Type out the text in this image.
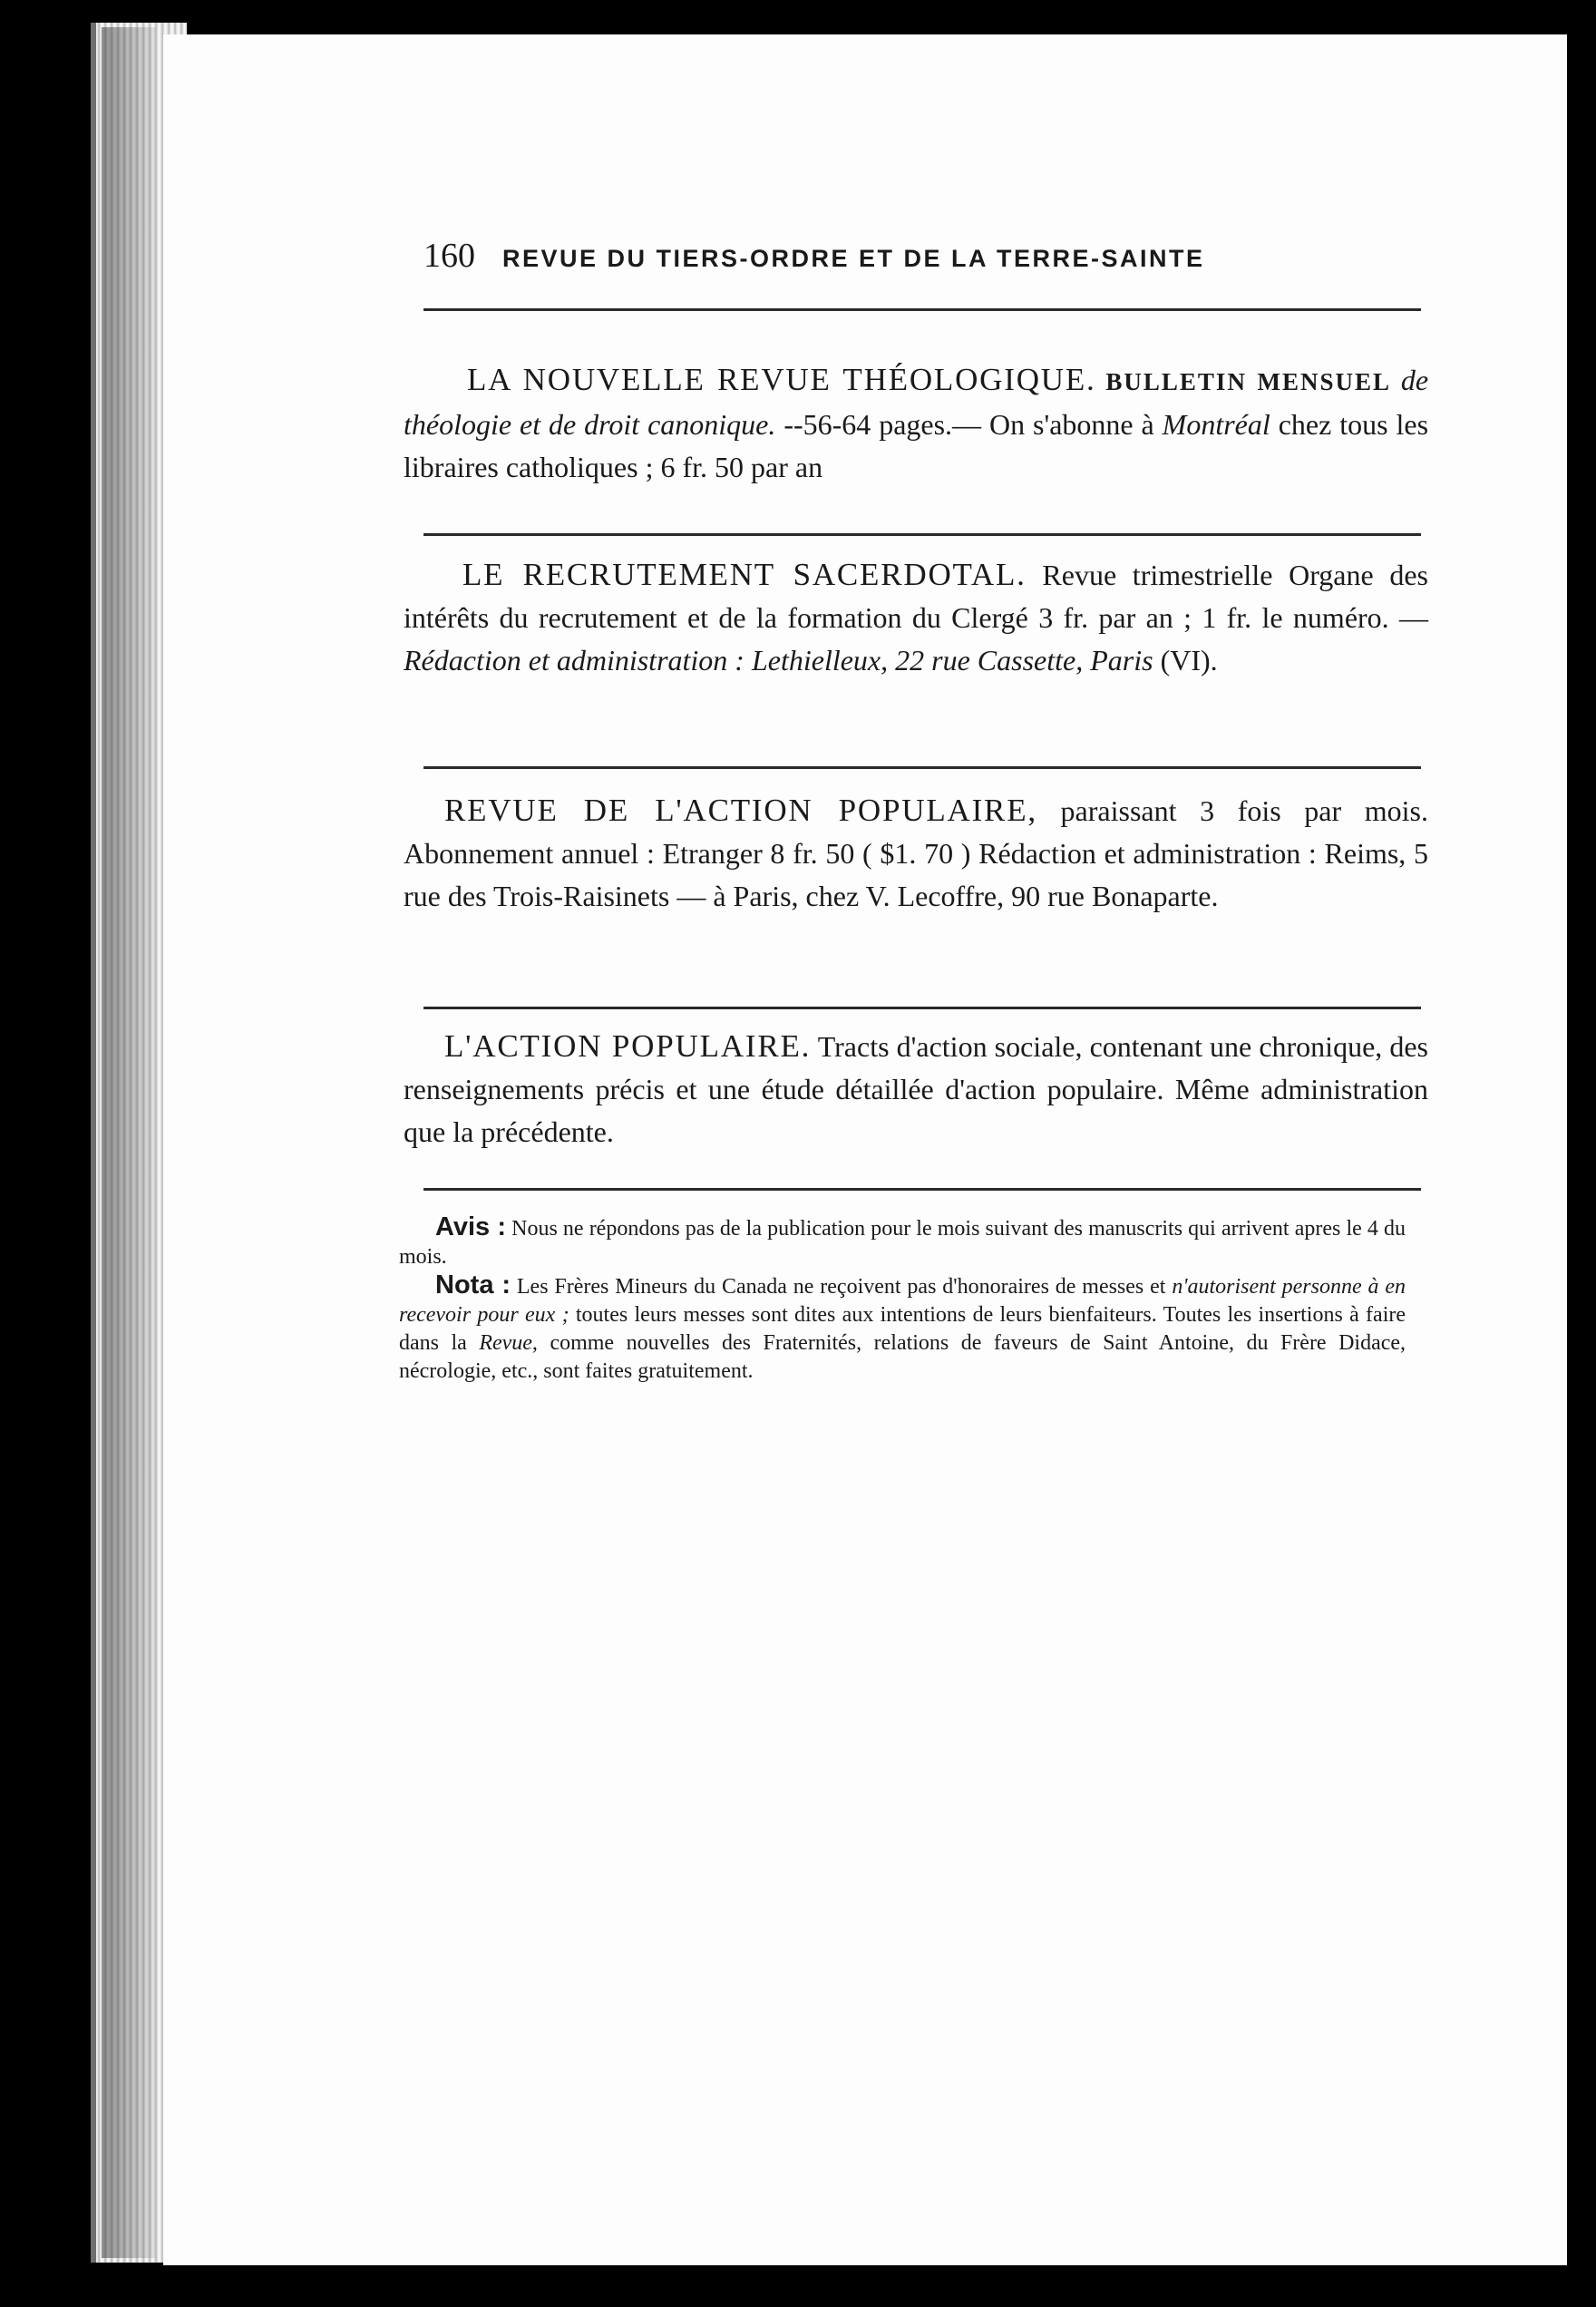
160 REVUE DU TIERS-ORDRE ET DE LA TERRE-SAINTE

LA NOUVELLE REVUE THÉOLOGIQUE. BULLETIN MENSUEL de théologie et de droit canonique. --56-64 pages.— On s'abonne à Montréal chez tous les libraires catholiques ; 6 fr. 50 par an

LE RECRUTEMENT SACERDOTAL. Revue trimestrielle Organe des intérêts du recrutement et de la formation du Clergé 3 fr. par an ; 1 fr. le numéro. — Rédaction et administration : Lethielleux, 22 rue Cassette, Paris (VI).

REVUE DE L'ACTION POPULAIRE, paraissant 3 fois par mois. Abonnement annuel : Etranger 8 fr. 50 ( $1. 70 ) Rédaction et administration : Reims, 5 rue des Trois-Raisinets — à Paris, chez V. Lecoffre, 90 rue Bonaparte.

L'ACTION POPULAIRE. Tracts d'action sociale, contenant une chronique, des renseignements précis et une étude détaillée d'action populaire. Même administration que la précédente.

Avis : Nous ne répondons pas de la publication pour le mois suivant des manuscrits qui arrivent apres le 4 du mois.

Nota : Les Frères Mineurs du Canada ne reçoivent pas d'honoraires de messes et n'autorisent personne à en recevoir pour eux ; toutes leurs messes sont dites aux intentions de leurs bienfaiteurs. Toutes les insertions à faire dans la Revue, comme nouvelles des Fraternités, relations de faveurs de Saint Antoine, du Frère Didace, nécrologie, etc., sont faites gratuitement.
